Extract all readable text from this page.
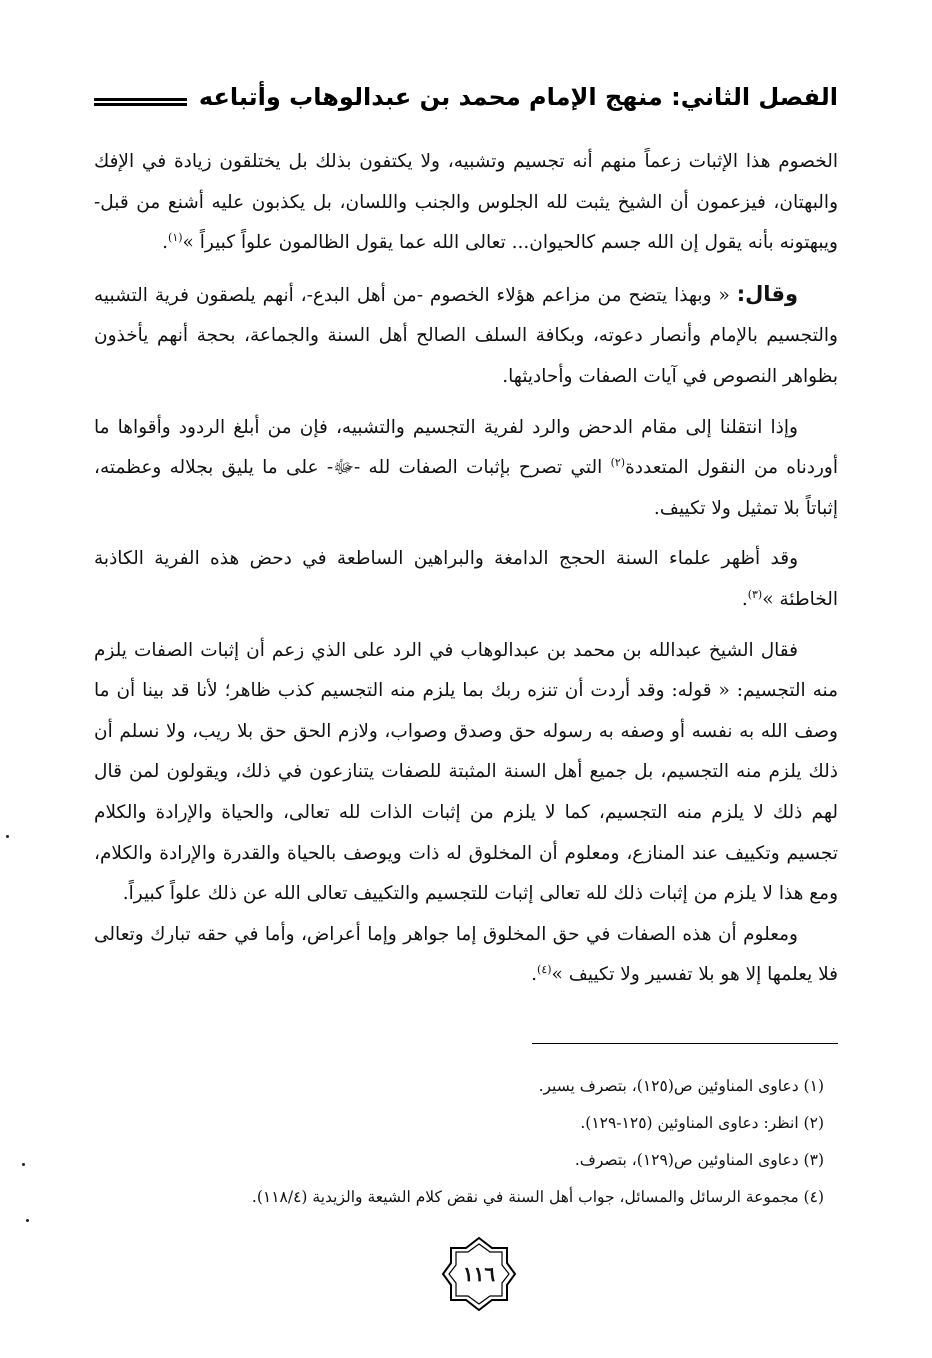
الفصل الثاني: منهج الإمام محمد بن عبدالوهاب وأتباعه

الخصوم هذا الإثبات زعماً منهم أنه تجسيم وتشبيه، ولا يكتفون بذلك بل يختلقون زيادة في الإفك والبهتان، فيزعمون أن الشيخ يثبت لله الجلوس والجنب واللسان، بل يكذبون عليه أشنع من قبل- ويبهتونه بأنه يقول إن الله جسم كالحيوان... تعالى الله عما يقول الظالمون علواً كبيراً »$^{(١)}$.

وقال: « وبهذا يتضح من مزاعم هؤلاء الخصوم -من أهل البدع-، أنهم يلصقون فرية التشبيه والتجسيم بالإمام وأنصار دعوته، وبكافة السلف الصالح أهل السنة والجماعة، بحجة أنهم يأخذون بظواهر النصوص في آيات الصفات وأحاديثها.

وإذا انتقلنا إلى مقام الدحض والرد لفرية التجسيم والتشبيه، فإن من أبلغ الردود وأقواها ما أوردناه من النقول المتعددة$^{(٢)}$ التي تصرح بإثبات الصفات لله -ﷻ- على ما يليق بجلاله وعظمته، إثباتاً بلا تمثيل ولا تكييف.

وقد أظهر علماء السنة الحجج الدامغة والبراهين الساطعة في دحض هذه الفرية الكاذبة الخاطئة »$^{(٣)}$.

فقال الشيخ عبدالله بن محمد بن عبدالوهاب في الرد على الذي زعم أن إثبات الصفات يلزم منه التجسيم: « قوله: وقد أردت أن تنزه ربك بما يلزم منه التجسيم كذب ظاهر؛ لأنا قد بينا أن ما وصف الله به نفسه أو وصفه به رسوله حق وصدق وصواب، ولازم الحق حق بلا ريب، ولا نسلم أن ذلك يلزم منه التجسيم، بل جميع أهل السنة المثبتة للصفات يتنازعون في ذلك، ويقولون لمن قال لهم ذلك لا يلزم منه التجسيم، كما لا يلزم من إثبات الذات لله تعالى، والحياة والإرادة والكلام تجسيم وتكييف عند المنازع، ومعلوم أن المخلوق له ذات ويوصف بالحياة والقدرة والإرادة والكلام، ومع هذا لا يلزم من إثبات ذلك لله تعالى إثبات للتجسيم والتكييف تعالى الله عن ذلك علواً كبيراً.

ومعلوم أن هذه الصفات في حق المخلوق إما جواهر وإما أعراض، وأما في حقه تبارك وتعالى فلا يعلمها إلا هو بلا تفسير ولا تكييف »$^{(٤)}$.

(١) دعاوى المناوئين ص(١٢٥)، بتصرف يسير.

(٢) انظر: دعاوى المناوئين (١٢٥-١٢٩).

(٣) دعاوى المناوئين ص(١٢٩)، بتصرف.

(٤) مجموعة الرسائل والمسائل، جواب أهل السنة في نقض كلام الشيعة والزيدية (١١٨/٤).

١١٦
